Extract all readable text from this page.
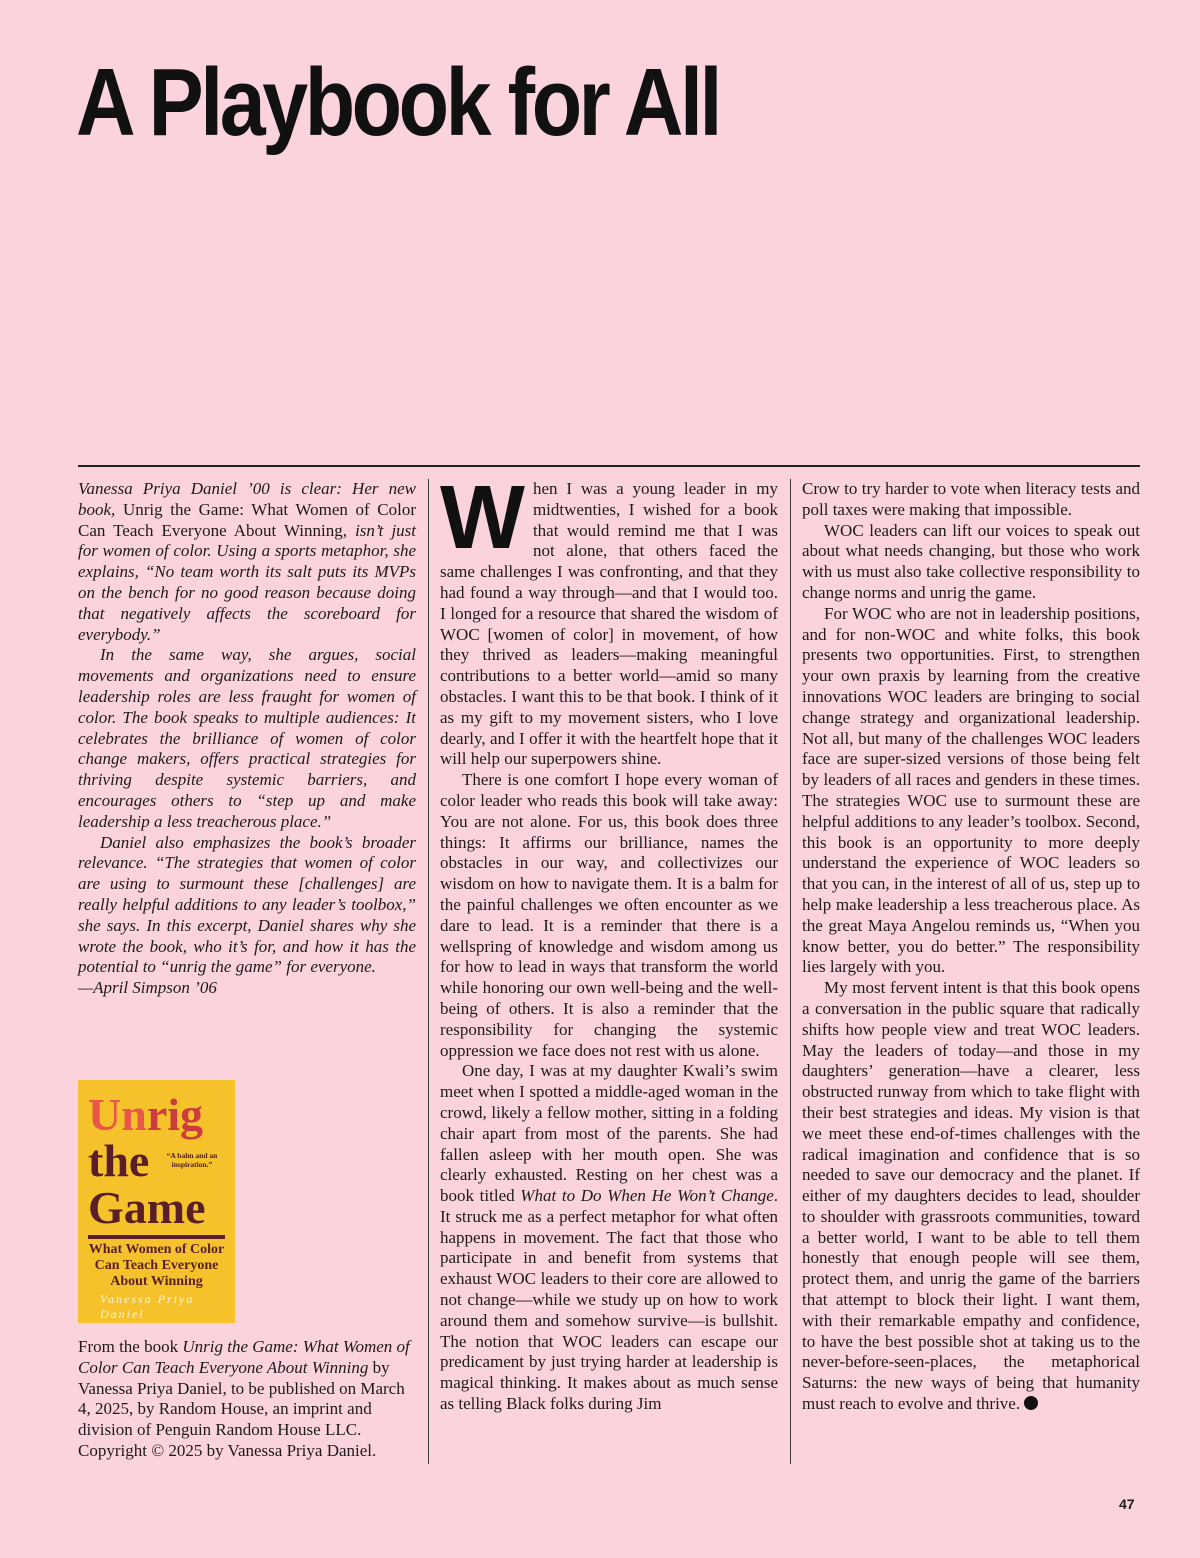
A Playbook for All

Vanessa Priya Daniel ’00 is clear: Her new book, Unrig the Game: What Women of Color Can Teach Everyone About Winning, isn’t just for women of color. Using a sports metaphor, she explains, “No team worth its salt puts its MVPs on the bench for no good reason because doing that negatively affects the scoreboard for everybody.”

In the same way, she argues, social movements and organizations need to ensure leadership roles are less fraught for women of color. The book speaks to multiple audiences: It celebrates the brilliance of women of color change makers, offers practical strategies for thriving despite systemic barriers, and encourages others to “step up and make leadership a less treacherous place.”

Daniel also emphasizes the book’s broader relevance. “The strategies that women of color are using to surmount these [challenges] are really helpful additions to any leader’s toolbox,” she says. In this excerpt, Daniel shares why she wrote the book, who it’s for, and how it has the potential to “unrig the game” for everyone.

—April Simpson ’06

Unrig
the	“A balm and an inspiration.”
Game
What Women of Color Can Teach Everyone About Winning
Vanessa Priya Daniel

From the book Unrig the Game: What Women of Color Can Teach Everyone About Winning by Vanessa Priya Daniel, to be published on March 4, 2025, by Random House, an imprint and division of Penguin Random House LLC. Copyright © 2025 by Vanessa Priya Daniel.

When I was a young leader in my midtwenties, I wished for a book that would remind me that I was not alone, that others faced the same challenges I was confronting, and that they had found a way through—and that I would too. I longed for a resource that shared the wisdom of WOC [women of color] in movement, of how they thrived as leaders—making meaningful contributions to a better world—amid so many obstacles. I want this to be that book. I think of it as my gift to my movement sisters, who I love dearly, and I offer it with the heartfelt hope that it will help our superpowers shine.

There is one comfort I hope every woman of color leader who reads this book will take away: You are not alone. For us, this book does three things: It affirms our brilliance, names the obstacles in our way, and collectivizes our wisdom on how to navigate them. It is a balm for the painful challenges we often encounter as we dare to lead. It is a reminder that there is a wellspring of knowledge and wisdom among us for how to lead in ways that transform the world while honoring our own well-being and the well-being of others. It is also a reminder that the responsibility for changing the systemic oppression we face does not rest with us alone.

One day, I was at my daughter Kwali’s swim meet when I spotted a middle-aged woman in the crowd, likely a fellow mother, sitting in a folding chair apart from most of the parents. She had fallen asleep with her mouth open. She was clearly exhausted. Resting on her chest was a book titled What to Do When He Won’t Change. It struck me as a perfect metaphor for what often happens in movement. The fact that those who participate in and benefit from systems that exhaust WOC leaders to their core are allowed to not change—while we study up on how to work around them and somehow survive—is bullshit. The notion that WOC leaders can escape our predicament by just trying harder at leadership is magical thinking. It makes about as much sense as telling Black folks during Jim

Crow to try harder to vote when literacy tests and poll taxes were making that impossible.

WOC leaders can lift our voices to speak out about what needs changing, but those who work with us must also take collective responsibility to change norms and unrig the game.

For WOC who are not in leadership positions, and for non-WOC and white folks, this book presents two opportunities. First, to strengthen your own praxis by learning from the creative innovations WOC leaders are bringing to social change strategy and organizational leadership. Not all, but many of the challenges WOC leaders face are super-sized versions of those being felt by leaders of all races and genders in these times. The strategies WOC use to surmount these are helpful additions to any leader’s toolbox. Second, this book is an opportunity to more deeply understand the experience of WOC leaders so that you can, in the interest of all of us, step up to help make leadership a less treacherous place. As the great Maya Angelou reminds us, “When you know better, you do better.” The responsibility lies largely with you.

My most fervent intent is that this book opens a conversation in the public square that radically shifts how people view and treat WOC leaders. May the leaders of today—and those in my daughters’ generation—have a clearer, less obstructed runway from which to take flight with their best strategies and ideas. My vision is that we meet these end-of-times challenges with the radical imagination and confidence that is so needed to save our democracy and the planet. If either of my daughters decides to lead, shoulder to shoulder with grassroots communities, toward a better world, I want to be able to tell them honestly that enough people will see them, protect them, and unrig the game of the barriers that attempt to block their light. I want them, with their remarkable empathy and confidence, to have the best possible shot at taking us to the never-before-seen-places, the metaphorical Saturns: the new ways of being that humanity must reach to evolve and thrive.

47
